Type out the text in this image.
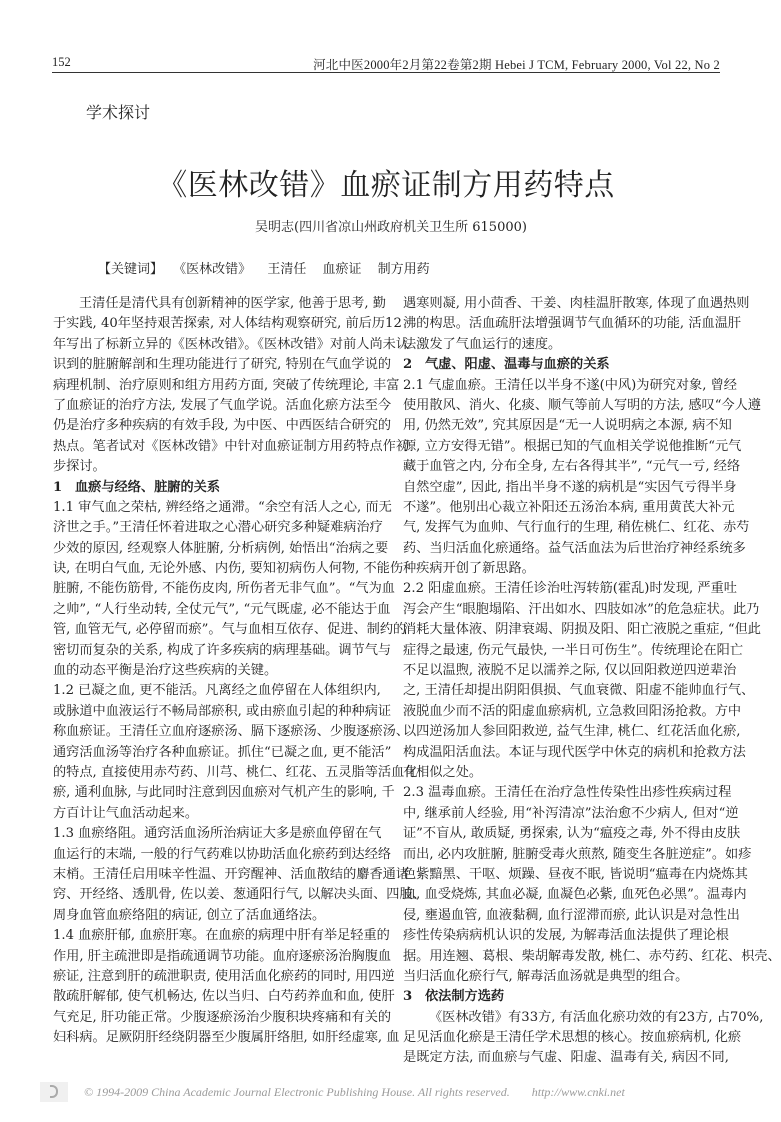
152	河北中医2000年2月第22卷第2期 Hebei J TCM, February 2000, Vol 22, No 2
学术探讨
《医林改错》血瘀证制方用药特点
吴明志(四川省凉山州政府机关卫生所 615000)
【关键词】 《医林改错》 王清任 血瘀证 制方用药
王清任是清代具有创新精神的医学家, 他善于思考, 勤
于实践, 40年坚持艰苦探索, 对人体结构观察研究, 前后历12
年写出了标新立异的《医林改错》。《医林改错》对前人尚未认
识到的脏腑解剖和生理功能进行了研究, 特别在气血学说的
病理机制、治疗原则和组方用药方面, 突破了传统理论, 丰富
了血瘀证的治疗方法, 发展了气血学说。活血化瘀方法至今
仍是治疗多种疾病的有效手段, 为中医、中西医结合研究的
热点。笔者试对《医林改错》中针对血瘀证制方用药特点作初
步探讨。
1 血瘀与经络、脏腑的关系
1.1 审气血之荣枯, 辨经络之通滞。“余空有活人之心, 而无
济世之手。”王清任怀着进取之心潜心研究多种疑难病治疗
少效的原因, 经观察人体脏腑, 分析病例, 始悟出“治病之要
诀, 在明白气血, 无论外感、内伤, 要知初病伤人何物, 不能伤
脏腑, 不能伤筋骨, 不能伤皮肉, 所伤者无非气血”。“气为血
之帅”, “人行坐动转, 全仗元气”, “元气既虚, 必不能达于血
管, 血管无气, 必停留而瘀”。气与血相互依存、促进、制约的
密切而复杂的关系, 构成了许多疾病的病理基础。调节气与
血的动态平衡是治疗这些疾病的关键。
1.2 已凝之血, 更不能活。凡离经之血停留在人体组织内,
或脉道中血液运行不畅局部瘀积, 或由瘀血引起的种种病证
称血瘀证。王清任立血府逐瘀汤、膈下逐瘀汤、少腹逐瘀汤、
通窍活血汤等治疗各种血瘀证。抓住“已凝之血, 更不能活”
的特点, 直接使用赤芍药、川芎、桃仁、红花、五灵脂等活血化
瘀, 通利血脉, 与此同时注意到因血瘀对气机产生的影响, 千
方百计让气血活动起来。
1.3 血瘀络阻。通窍活血汤所治病证大多是瘀血停留在气
血运行的末端, 一般的行气药难以协助活血化瘀药到达经络
末梢。王清任启用味辛性温、开窍醒神、活血散结的麝香通诸
窍、开经络、透肌骨, 佐以姜、葱通阳行气, 以解决头面、四肢、
周身血管血瘀络阻的病证, 创立了活血通络法。
1.4 血瘀肝郁, 血瘀肝寒。在血瘀的病理中肝有举足轻重的
作用, 肝主疏泄即是指疏通调节功能。血府逐瘀汤治胸腹血
瘀证, 注意到肝的疏泄职责, 使用活血化瘀药的同时, 用四逆
散疏肝解郁, 使气机畅达, 佐以当归、白芍药养血和血, 使肝
气充足, 肝功能正常。少腹逐瘀汤治少腹积块疼痛和有关的
妇科病。足厥阴肝经绕阴器至少腹属肝络胆, 如肝经虚寒, 血
遇寒则凝, 用小茴香、干姜、肉桂温肝散寒, 体现了血遇热则
沸的构思。活血疏肝法增强调节气血循环的功能, 活血温肝
法激发了气血运行的速度。
2 气虚、阳虚、温毒与血瘀的关系
2.1 气虚血瘀。王清任以半身不遂(中风)为研究对象, 曾经
使用散风、消火、化痰、顺气等前人写明的方法, 感叹“今人遵
用, 仍然无效”, 究其原因是“无一人说明病之本源, 病不知
源, 立方安得无错”。根据已知的气血相关学说他推断“元气
藏于血管之内, 分布全身, 左右各得其半”, “元气一亏, 经络
自然空虚”, 因此, 指出半身不遂的病机是“实因气亏得半身
不遂”。他别出心裁立补阳还五汤治本病, 重用黄芪大补元
气, 发挥气为血帅、气行血行的生理, 稍佐桃仁、红花、赤芍
药、当归活血化瘀通络。益气活血法为后世治疗神经系统多
种疾病开创了新思路。
2.2 阳虚血瘀。王清任诊治吐泻转筋(霍乱)时发现, 严重吐
泻会产生“眼胞塌陷、汗出如水、四肢如冰”的危急症状。此乃
消耗大量体液、阴津衰竭、阴损及阳、阳亡液脱之重症, “但此
症得之最速, 伤元气最快, 一半日可伤生”。传统理论在阳亡
不足以温煦, 液脱不足以濡养之际, 仅以回阳救逆四逆辈治
之, 王清任却提出阴阳俱损、气血衰微、阳虚不能帅血行气、
液脱血少而不活的阳虚血瘀病机, 立急救回阳汤抢救。方中
以四逆汤加人参回阳救逆, 益气生津, 桃仁、红花活血化瘀,
构成温阳活血法。本证与现代医学中休克的病机和抢救方法
有相似之处。
2.3 温毒血瘀。王清任在治疗急性传染性出疹性疾病过程
中, 继承前人经验, 用“补泻清凉”法治愈不少病人, 但对“逆
证”不盲从, 敢质疑, 勇探索, 认为“瘟疫之毒, 外不得由皮肤
而出, 必内攻脏腑, 脏腑受毒火煎熬, 随变生各脏逆症”。如疹
色紫黯黑、干呕、烦躁、昼夜不眠, 皆说明“瘟毒在内烧炼其
血, 血受烧炼, 其血必凝, 血凝色必紫, 血死色必黑”。温毒内
侵, 壅遏血管, 血液黏稠, 血行涩滞而瘀, 此认识是对急性出
疹性传染病病机认识的发展, 为解毒活血法提供了理论根
据。用连翘、葛根、柴胡解毒发散, 桃仁、赤芍药、红花、枳壳、
当归活血化瘀行气, 解毒活血汤就是典型的组合。
3 依法制方选药
《医林改错》有33方, 有活血化瘀功效的有23方, 占70%,
足见活血化瘀是王清任学术思想的核心。按血瘀病机, 化瘀
是既定方法, 而血瘀与气虚、阳虚、温毒有关, 病因不同,
© 1994-2009 China Academic Journal Electronic Publishing House. All rights reserved. http://www.cnki.net
